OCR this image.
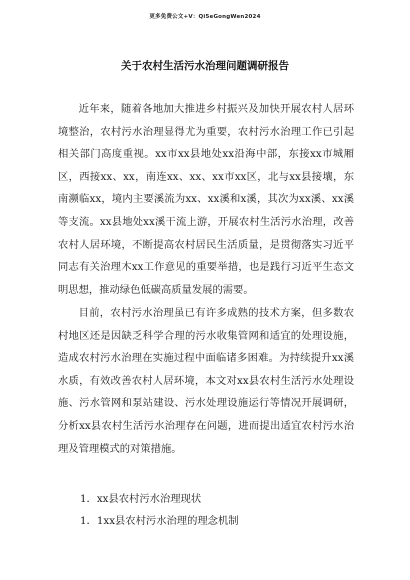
更多免费公文+V：Qi5eGongWen2024
关于农村生活污水治理问题调研报告

近年来，随着各地加大推进乡村振兴及加快开展农村人居环境整治，农村污水治理显得尤为重要，农村污水治理工作已引起相关部门高度重视。xx市xx县地处xx沿海中部，东接xx市城厢区，西接xx、xx，南连xx、xx、xx市xx区，北与xx县接壤，东南濒临xx，境内主要溪流为xx、xx溪和x溪，其次为xx溪、xx溪等支流。xx县地处xx溪干流上游，开展农村生活污水治理，改善农村人居环境，不断提高农村居民生活质量，是贯彻落实习近平同志有关治理木xx工作意见的重要举措，也是践行习近平生态文明思想，推动绿色低碳高质量发展的需要。

目前，农村污水治理虽已有许多成熟的技术方案，但多数农村地区还是因缺乏科学合理的污水收集管网和适宜的处理设施，造成农村污水治理在实施过程中面临诸多困难。为持续提升xx溪水质，有效改善农村人居环境，本文对xx县农村生活污水处理设施、污水管网和泵站建设、污水处理设施运行等情况开展调研，分析xx县农村生活污水治理存在问题，进而提出适宜农村污水治理及管理模式的对策措施。

1．xx县农村污水治理现状

1．1xx县农村污水治理的理念机制
